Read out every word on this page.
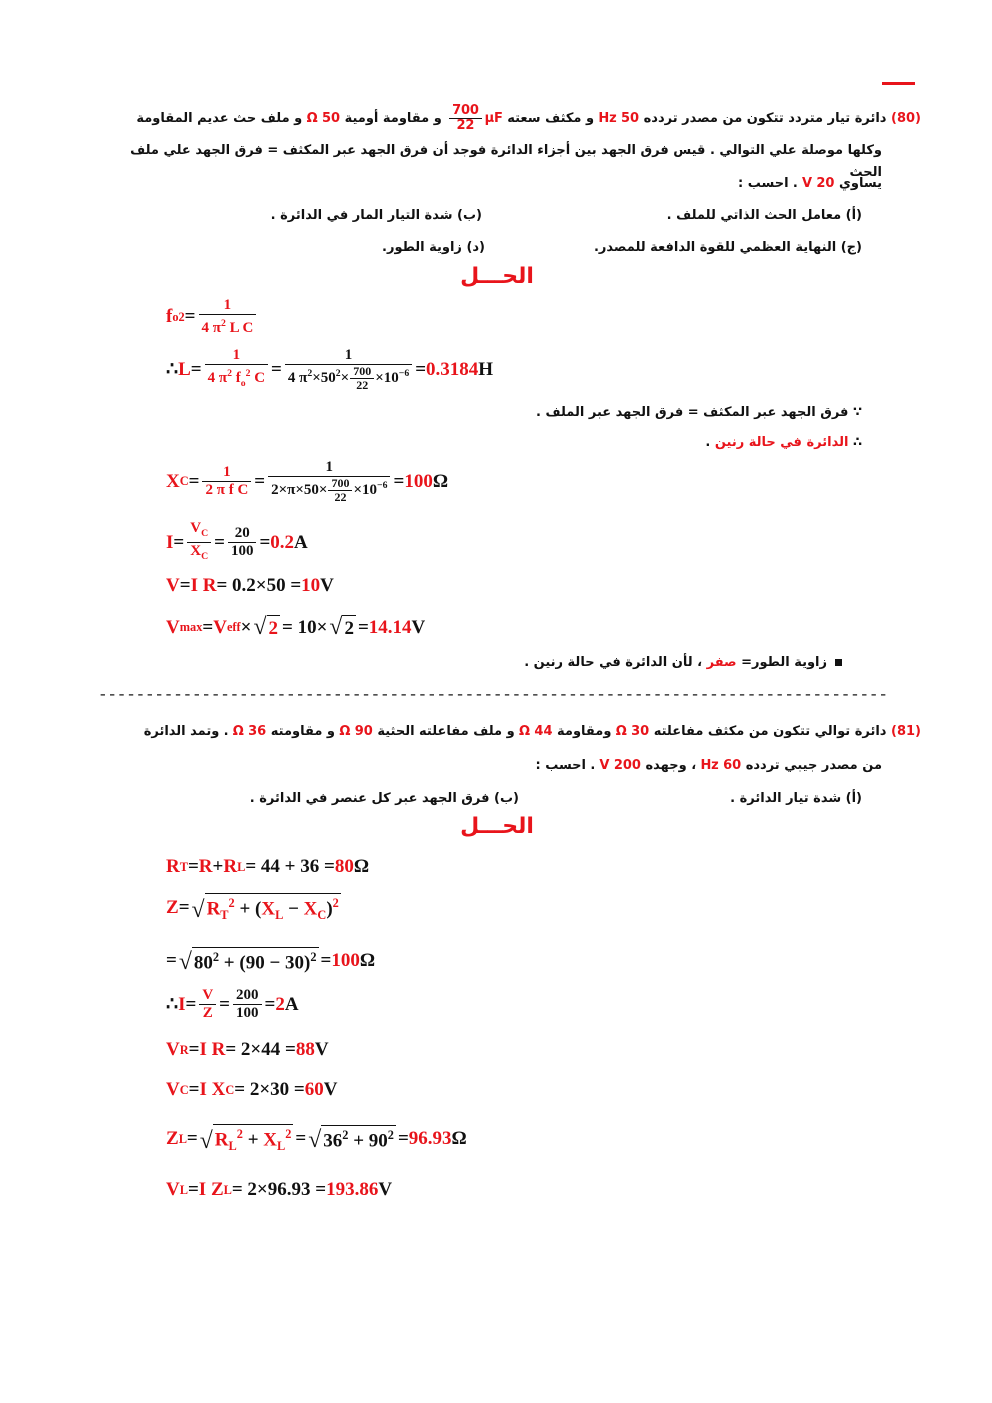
(80) دائرة تيار متردد تتكون من مصدر تردده 50 Hz و مكثف سعته μF
$\frac{700}{22}$
و مقاومة أومية 50 Ω و ملف حث عديم المقاومة
وكلها موصلة علي التوالي . قيس فرق الجهد بين أجزاء الدائرة فوجد أن فرق الجهد عبر المكثف = فرق الجهد علي ملف الحث
يساوي 20 V . احسب :
(أ) معامل الحث الذاتي للملف .
(ب) شدة التيار المار في الدائرة .
(ج) النهاية العظمي للقوة الدافعة للمصدر.
(د) زاوية الطور.
الحـــل
f o $2 = \frac{1}{4 \pi^2 L C}$
∴ $L = \frac{1}{4 \pi^2 f_o^2 C} = \frac{1}{4 \pi^2\times 50^2\times \frac{700}{22} \times 10^{-6}} = 0.3184$ H
∵ فرق الجهد عبر المكثف = فرق الجهد عبر الملف .
∴ الدائرة في حالة رنين .
X $C = \frac{1}{\text{2 π f C}} = \frac{1}{2\times\pi\times 50\times \frac{700}{22} \times 10^{-6}} = 100$ Ω
$I = \frac{V_C}{X_C} = \frac{20}{100} = 0.2$ A
V = I R = 0.2×50 = 10 V
V max = V eff × √ 2 = 10× √ 2 = 14.14 V
زاوية الطور= صفر ، لأن الدائرة في حالة رنين .
------------------------------------------------------------------------------------
(81) دائرة توالي تتكون من مكثف مفاعلته 30 Ω ومقاومة 44 Ω و ملف مفاعلته الحثية 90 Ω و مقاومته 36 Ω . وتمد الدائرة
من مصدر جيبي تردده 60 Hz ، وجهده 200 V . احسب :
(أ) شدة تيار الدائرة .
(ب) فرق الجهد عبر كل عنصر في الدائرة .
الحـــل
R T = R + R L = 44 + 36 = 80 Ω
Z = √ $R_T^2 + (X_L - X_C)^2$
= √ $80^2 + (90 - 30)^2 = 100$ Ω
∴ $I = \frac{V}{Z} = \frac{200}{100} = 2$ A
V R = I R = 2×44 = 88 V
V C = I X C = 2×30 = 60 V
Z L = √ $R_L^2 + X_L^2$ = √ $36^2 + 90^2 = 96.93$ Ω
V L = I Z L = 2×96.93 = 193.86 V
